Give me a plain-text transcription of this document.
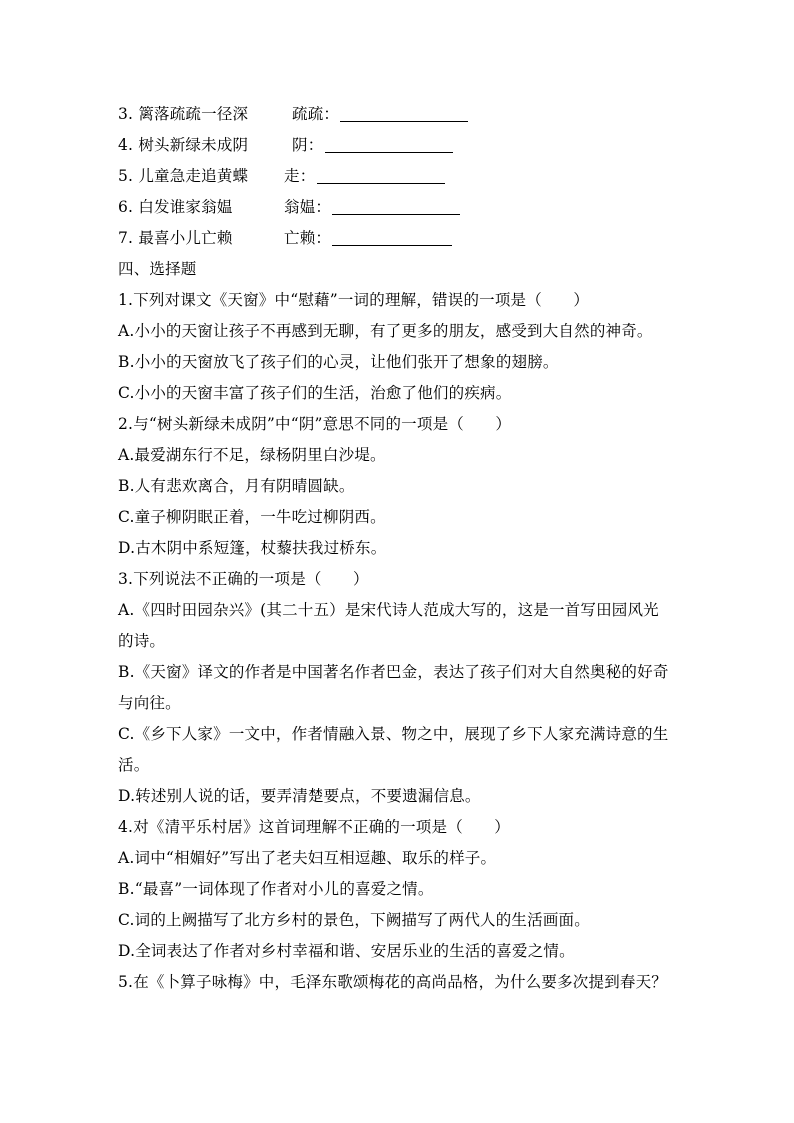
3. 篱落疏疏一径深	疏疏：
4. 树头新绿未成阴	阴：
5. 儿童急走追黄蝶 走：
6. 白发谁家翁媪	翁媪：
7. 最喜小儿亡赖	亡赖：
四、选择题
1.下列对课文《天窗》中“慰藉”一词的理解，错误的一项是（　　）
A.小小的天窗让孩子不再感到无聊，有了更多的朋友，感受到大自然的神奇。
B.小小的天窗放飞了孩子们的心灵，让他们张开了想象的翅膀。
C.小小的天窗丰富了孩子们的生活，治愈了他们的疾病。
2.与“树头新绿未成阴”中“阴”意思不同的一项是（　　）
A.最爱湖东行不足，绿杨阴里白沙堤。
B.人有悲欢离合，月有阴晴圆缺。
C.童子柳阴眠正着，一牛吃过柳阴西。
D.古木阴中系短篷，杖藜扶我过桥东。
3.下列说法不正确的一项是（　　）
A.《四时田园杂兴》(其二十五）是宋代诗人范成大写的，这是一首写田园风光
的诗。
B.《天窗》译文的作者是中国著名作者巴金，表达了孩子们对大自然奥秘的好奇
与向往。
C.《乡下人家》一文中，作者情融入景、物之中，展现了乡下人家充满诗意的生
活。
D.转述别人说的话，要弄清楚要点，不要遗漏信息。
4.对《清平乐村居》这首词理解不正确的一项是（　　）
A.词中“相媚好”写出了老夫妇互相逗趣、取乐的样子。
B.“最喜”一词体现了作者对小儿的喜爱之情。
C.词的上阙描写了北方乡村的景色，下阙描写了两代人的生活画面。
D.全词表达了作者对乡村幸福和谐、安居乐业的生活的喜爱之情。
5.在《卜算子咏梅》中，毛泽东歌颂梅花的高尚品格，为什么要多次提到春天？
